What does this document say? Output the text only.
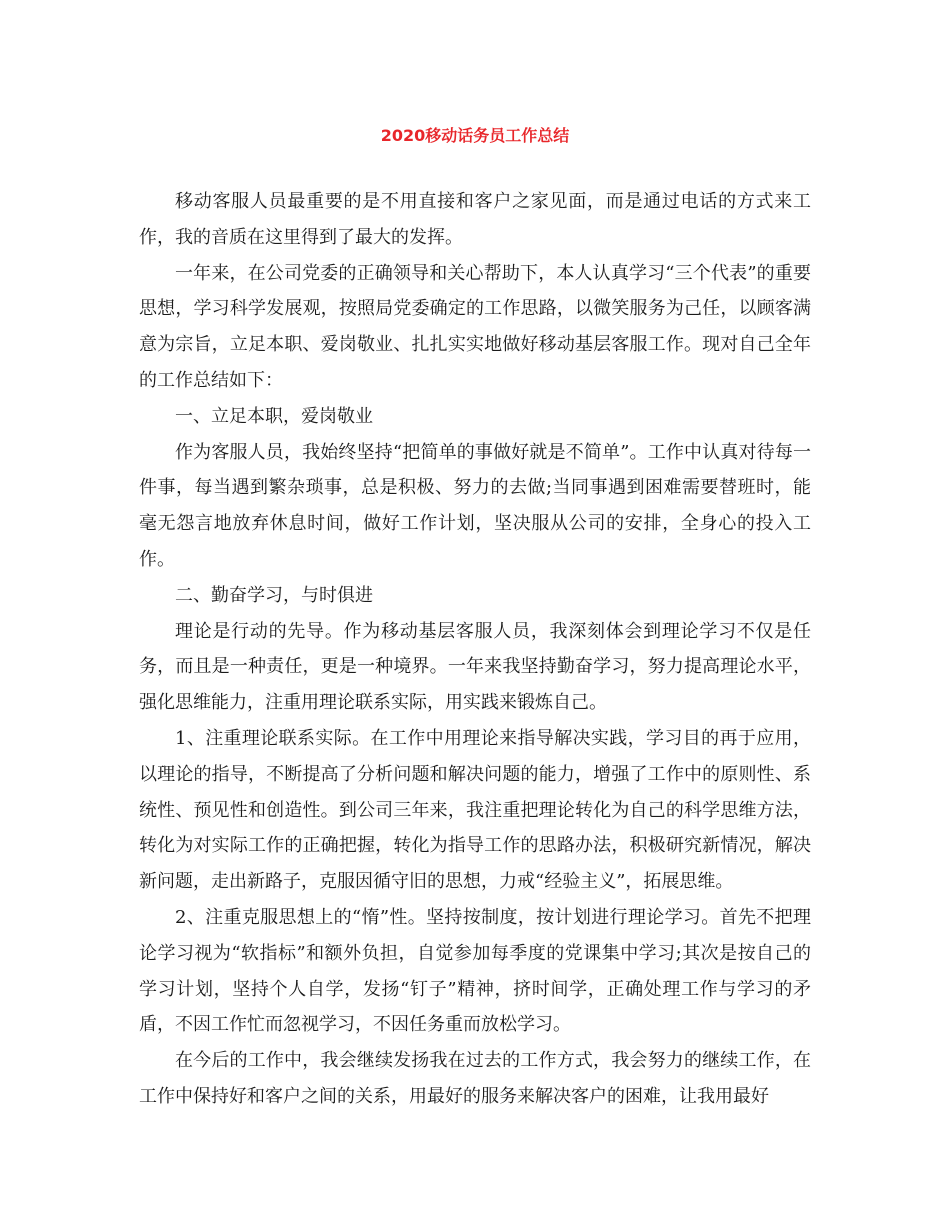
2020移动话务员工作总结

移动客服人员最重要的是不用直接和客户之家见面，而是通过电话的方式来工作，我的音质在这里得到了最大的发挥。

一年来，在公司党委的正确领导和关心帮助下，本人认真学习“三个代表”的重要思想，学习科学发展观，按照局党委确定的工作思路，以微笑服务为己任，以顾客满意为宗旨，立足本职、爱岗敬业、扎扎实实地做好移动基层客服工作。现对自己全年的工作总结如下：

一、立足本职，爱岗敬业

作为客服人员，我始终坚持“把简单的事做好就是不简单”。工作中认真对待每一件事，每当遇到繁杂琐事，总是积极、努力的去做;当同事遇到困难需要替班时，能毫无怨言地放弃休息时间，做好工作计划，坚决服从公司的安排，全身心的投入工作。

二、勤奋学习，与时俱进

理论是行动的先导。作为移动基层客服人员，我深刻体会到理论学习不仅是任务，而且是一种责任，更是一种境界。一年来我坚持勤奋学习，努力提高理论水平，强化思维能力，注重用理论联系实际，用实践来锻炼自己。

1、注重理论联系实际。在工作中用理论来指导解决实践，学习目的再于应用，以理论的指导，不断提高了分析问题和解决问题的能力，增强了工作中的原则性、系统性、预见性和创造性。到公司三年来，我注重把理论转化为自己的科学思维方法，转化为对实际工作的正确把握，转化为指导工作的思路办法，积极研究新情况，解决新问题，走出新路子，克服因循守旧的思想，力戒“经验主义”，拓展思维。

2、注重克服思想上的“惰”性。坚持按制度，按计划进行理论学习。首先不把理论学习视为“软指标”和额外负担，自觉参加每季度的党课集中学习;其次是按自己的学习计划，坚持个人自学，发扬“钉子”精神，挤时间学，正确处理工作与学习的矛盾，不因工作忙而忽视学习，不因任务重而放松学习。

在今后的工作中，我会继续发扬我在过去的工作方式，我会努力的继续工作，在工作中保持好和客户之间的关系，用最好的服务来解决客户的困难，让我用最好
